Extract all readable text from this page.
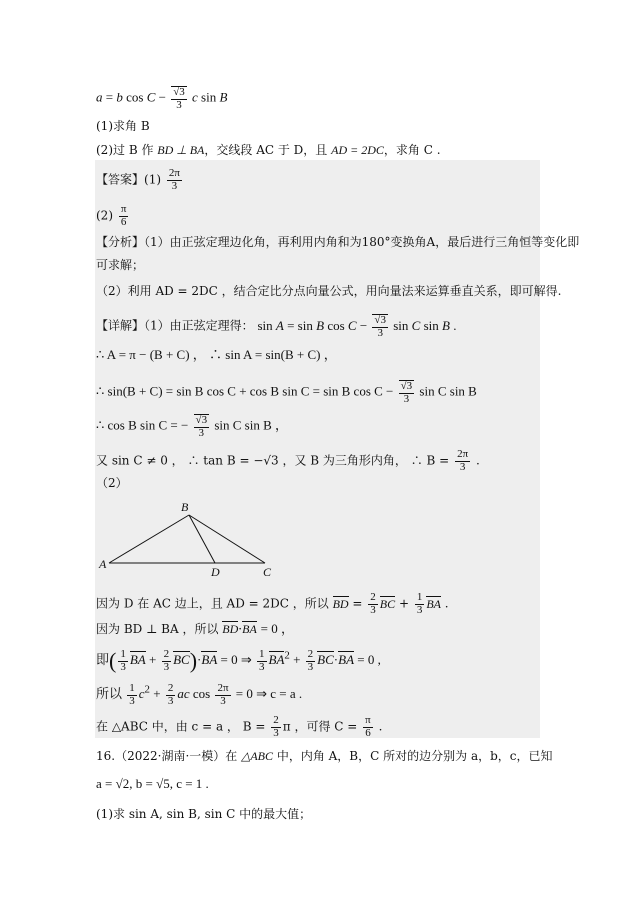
a = b $\cos C - \frac{√3}{3}$ c sin B
(1)求角 B
(2)过 B 作 BD ⊥ BA，交线段 AC 于 D，且 AD = 2DC，求角 C .
【答案】$(1) \frac{2\pi}{3}$
$(2) \frac{\pi}{6}$
【分析】（1）由正弦定理边化角，再利用内角和为180°变换角A，最后进行三角恒等变化即
可求解；
（2）利用 AD = 2DC ，结合定比分点向量公式，用向量法来运算垂直关系，即可解得.
【详解】（1）由正弦定理得： sin A = sin B $\cos C - \frac{√3}{3}$ sin C sin B .
∴ A = π − (B + C) ， ∴ sin A = sin(B + C) ，
∴ sin(B + C) = sin B cos C + cos B sin C = sin B $\cos C - \frac{√3}{3}$ sin C sin B
∴ cos B sin C = − $\frac{√3}{3}$ sin C sin B ，
又 sin C ≠ 0 ， ∴ tan B = −√3 ，又 B 为三角形内角， ∴ $B = \frac{2\pi}{3}$ .
（2）
A
B
C
D
因为 D 在 AC 边上，且 AD = 2DC ，所以 BD = $\frac{2}{3}$ BC + $\frac{1}{3}$ BA .
因为 BD ⊥ BA ，所以 BD·BA = 0 ，
即( $\frac{1}{3}$ BA + $\frac{2}{3} BC)\cdot BA = 0$ ⇒ $\frac{1}{3} BA^2 + \frac{2}{3} BC\cdot BA = 0$ ,
所以 $\frac{1}{3} c^2 + \frac{2}{3}$ ac $\cos \frac{2\pi}{3} = 0$ ⇒ c = a .
在 △ABC 中，由 c = a ， $B = \frac{2}{3}$ π ，可得 $C = \frac{\pi}{6}$ .
16.（2022·湖南·一模）在 △ABC 中，内角 A，B，C 所对的边分别为 a，b，c，已知
a = √2, b = √5, c = 1 .
(1)求 sin A, sin B, sin C 中的最大值；
